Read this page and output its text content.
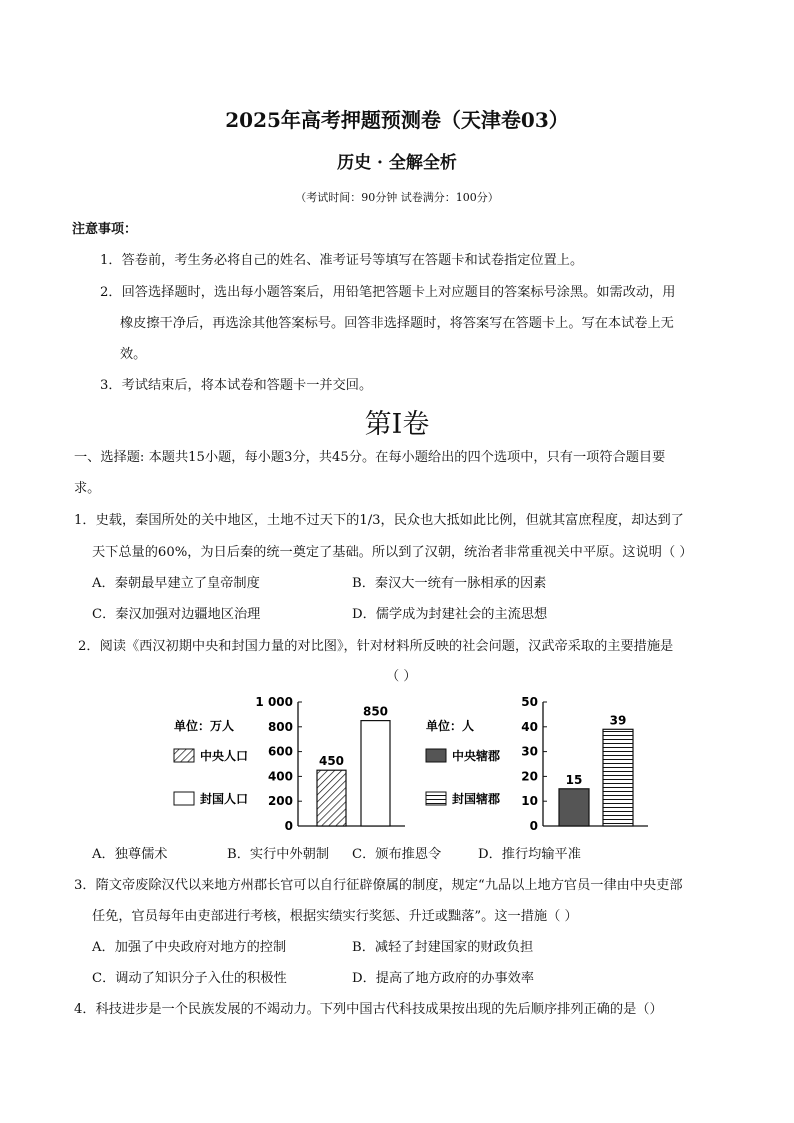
2025年高考押题预测卷（天津卷03）
历史 · 全解全析
（考试时间：90分钟 试卷满分：100分）
注意事项：
1．答卷前，考生务必将自己的姓名、准考证号等填写在答题卡和试卷指定位置上。
2．回答选择题时，选出每小题答案后，用铅笔把答题卡上对应题目的答案标号涂黑。如需改动，用
橡皮擦干净后，再选涂其他答案标号。回答非选择题时，将答案写在答题卡上。写在本试卷上无
效。
3．考试结束后，将本试卷和答题卡一并交回。
第Ⅰ卷
一、选择题: 本题共15小题，每小题3分，共45分。在每小题给出的四个选项中，只有一项符合题目要
求。
1．史载，秦国所处的关中地区，土地不过天下的1/3，民众也大抵如此比例，但就其富庶程度，却达到了
天下总量的60%，为日后秦的统一奠定了基础。所以到了汉朝，统治者非常重视关中平原。这说明（ ）
A．秦朝最早建立了皇帝制度	B．秦汉大一统有一脉相承的因素
C．秦汉加强对边疆地区治理	D．儒学成为封建社会的主流思想
2．阅读《西汉初期中央和封国力量的对比图》，针对材料所反映的社会问题，汉武帝采取的主要措施是
（ ）
单位：万人
中央人口
封国人口
0
200
400
600
800
1 000
450
850
单位：人
中央辖郡
封国辖郡
0
10
20
30
40
50
15
39
A．独尊儒术	B．实行中外朝制 C．颁布推恩令	D．推行均输平准
3．隋文帝废除汉代以来地方州郡长官可以自行征辟僚属的制度，规定“九品以上地方官员一律由中央吏部
任免，官员每年由吏部进行考核，根据实绩实行奖惩、升迁或黜落”。这一措施（ ）
A．加强了中央政府对地方的控制	B．减轻了封建国家的财政负担
C．调动了知识分子入仕的积极性	D．提高了地方政府的办事效率
4．科技进步是一个民族发展的不竭动力。下列中国古代科技成果按出现的先后顺序排列正确的是（）
